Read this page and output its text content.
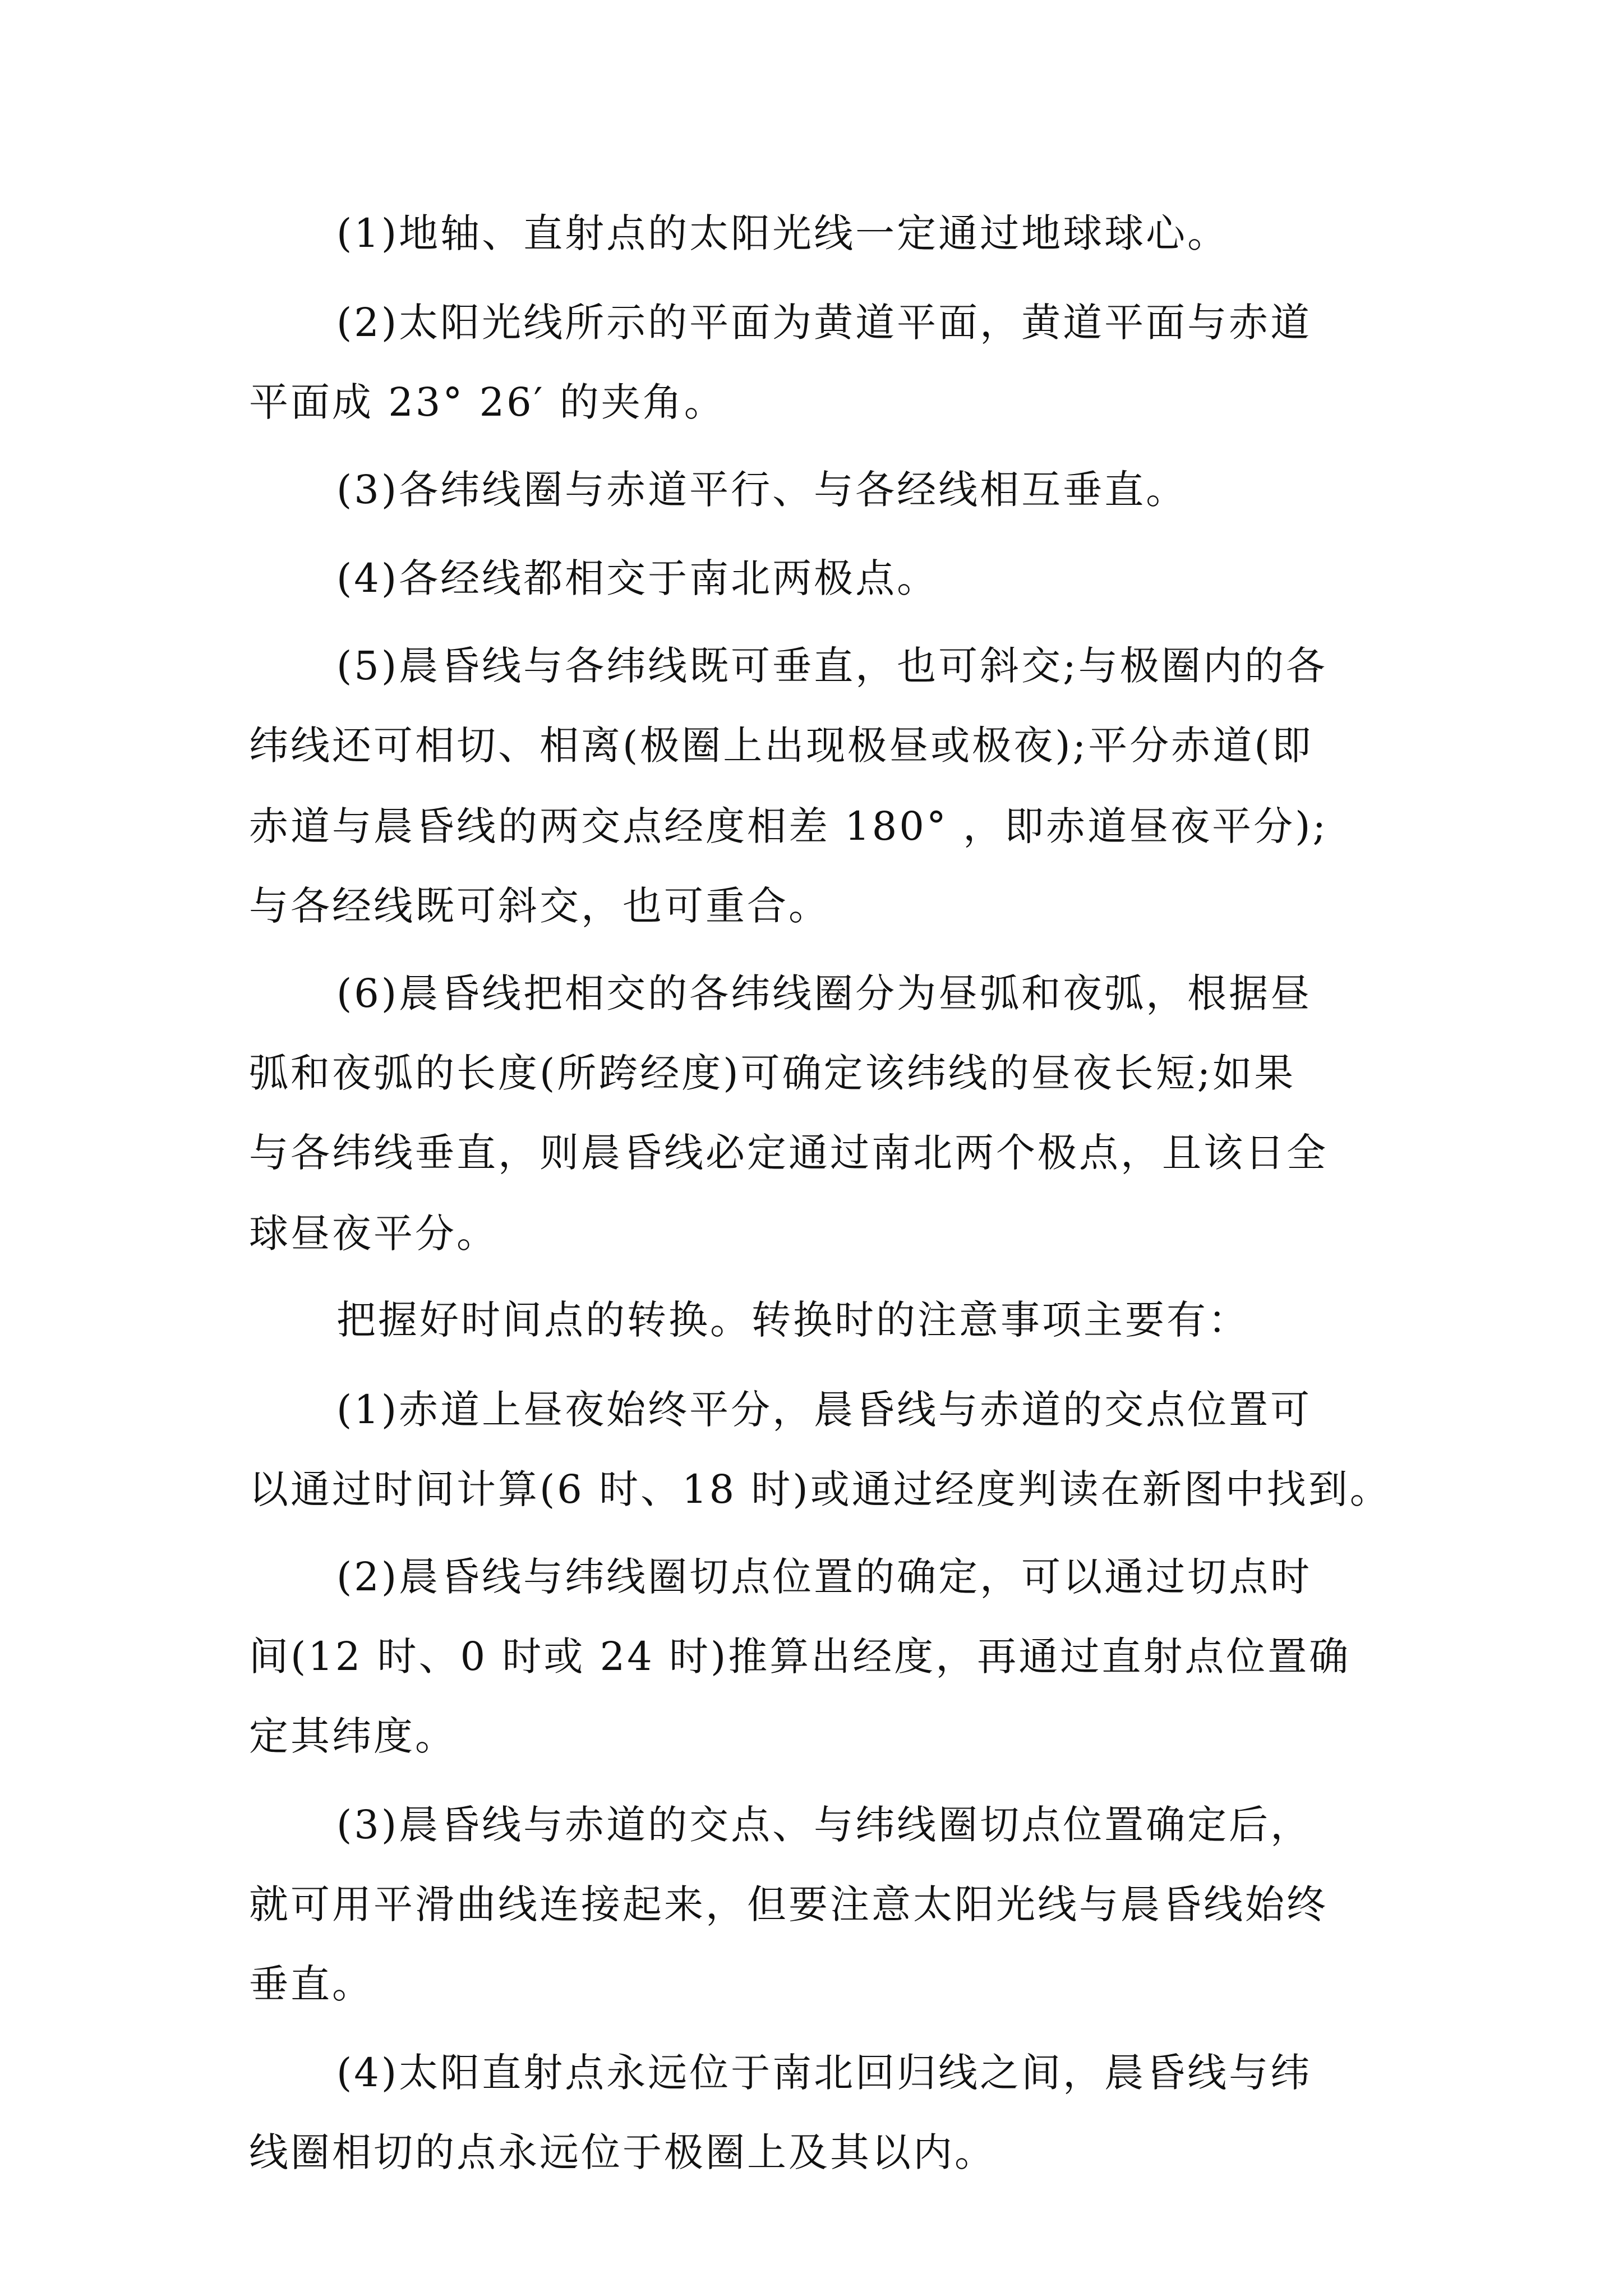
(1)地轴、直射点的太阳光线一定通过地球球心。
(2)太阳光线所示的平面为黄道平面，黄道平面与赤道
平面成 23° 26′ 的夹角。
(3)各纬线圈与赤道平行、与各经线相互垂直。
(4)各经线都相交于南北两极点。
(5)晨昏线与各纬线既可垂直，也可斜交;与极圈内的各
纬线还可相切、相离(极圈上出现极昼或极夜);平分赤道(即
赤道与晨昏线的两交点经度相差 180° ，即赤道昼夜平分);
与各经线既可斜交，也可重合。
(6)晨昏线把相交的各纬线圈分为昼弧和夜弧，根据昼
弧和夜弧的长度(所跨经度)可确定该纬线的昼夜长短;如果
与各纬线垂直，则晨昏线必定通过南北两个极点，且该日全
球昼夜平分。
把握好时间点的转换。转换时的注意事项主要有：
(1)赤道上昼夜始终平分，晨昏线与赤道的交点位置可
以通过时间计算(6 时、18 时)或通过经度判读在新图中找到。
(2)晨昏线与纬线圈切点位置的确定，可以通过切点时
间(12 时、0 时或 24 时)推算出经度，再通过直射点位置确
定其纬度。
(3)晨昏线与赤道的交点、与纬线圈切点位置确定后，
就可用平滑曲线连接起来，但要注意太阳光线与晨昏线始终
垂直。
(4)太阳直射点永远位于南北回归线之间，晨昏线与纬
线圈相切的点永远位于极圈上及其以内。
